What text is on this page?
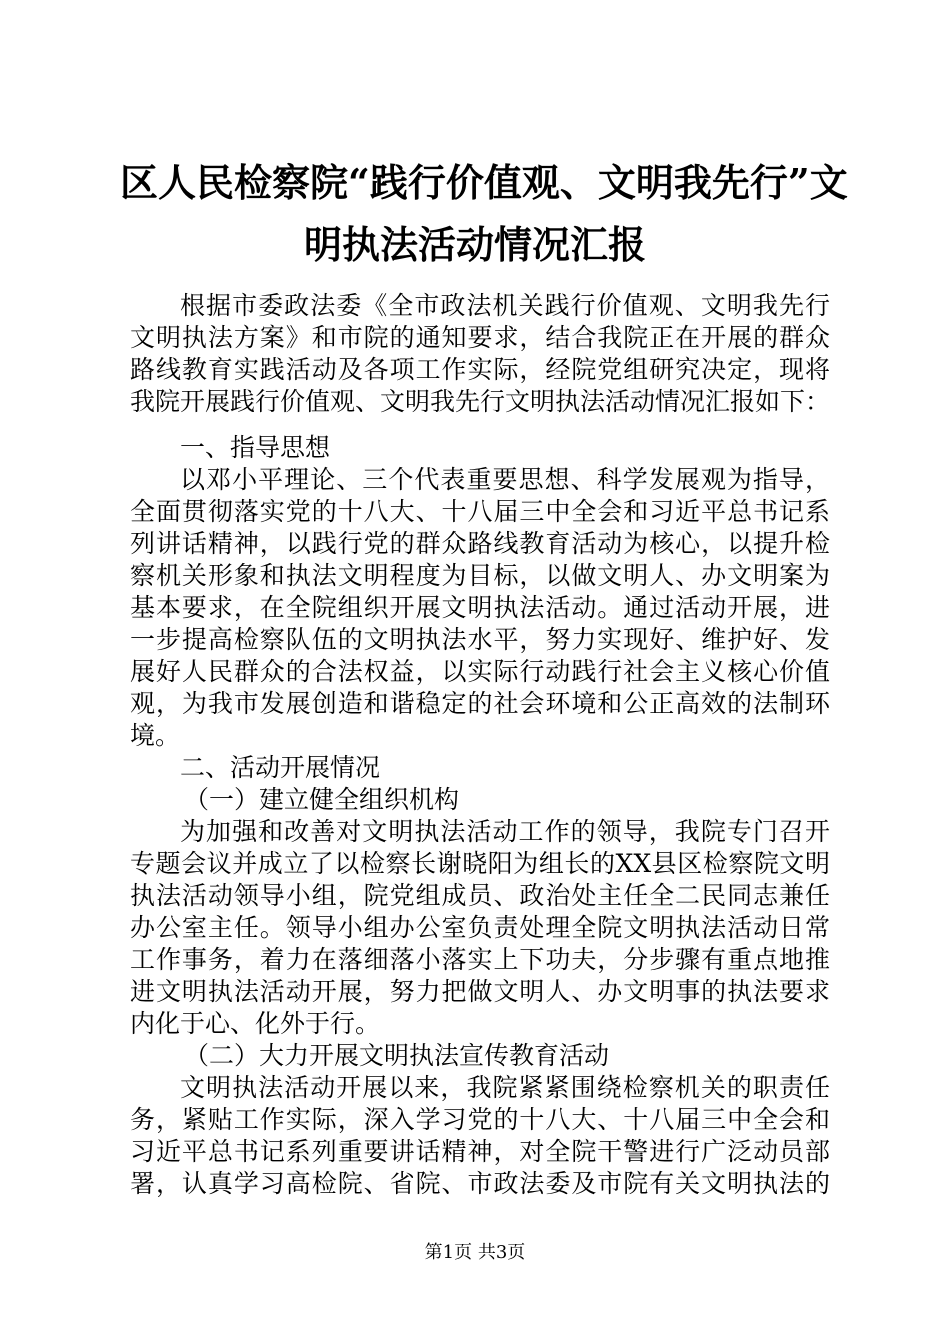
区人民检察院“践行价值观、文明我先行”文
明执法活动情况汇报
根据市委政法委《全市政法机关践行价值观、文明我先行
文明执法方案》和市院的通知要求，结合我院正在开展的群众
路线教育实践活动及各项工作实际，经院党组研究决定，现将
我院开展践行价值观、文明我先行文明执法活动情况汇报如下：
一、指导思想
以邓小平理论、三个代表重要思想、科学发展观为指导，
全面贯彻落实党的十八大、十八届三中全会和习近平总书记系
列讲话精神，以践行党的群众路线教育活动为核心，以提升检
察机关形象和执法文明程度为目标，以做文明人、办文明案为
基本要求，在全院组织开展文明执法活动。通过活动开展，进
一步提高检察队伍的文明执法水平，努力实现好、维护好、发
展好人民群众的合法权益，以实际行动践行社会主义核心价值
观，为我市发展创造和谐稳定的社会环境和公正高效的法制环
境。
二、活动开展情况
（一）建立健全组织机构
为加强和改善对文明执法活动工作的领导，我院专门召开
专题会议并成立了以检察长谢晓阳为组长的XX县区检察院文明
执法活动领导小组，院党组成员、政治处主任全二民同志兼任
办公室主任。领导小组办公室负责处理全院文明执法活动日常
工作事务，着力在落细落小落实上下功夫，分步骤有重点地推
进文明执法活动开展，努力把做文明人、办文明事的执法要求
内化于心、化外于行。
（二）大力开展文明执法宣传教育活动
文明执法活动开展以来，我院紧紧围绕检察机关的职责任
务，紧贴工作实际，深入学习党的十八大、十八届三中全会和
习近平总书记系列重要讲话精神，对全院干警进行广泛动员部
署，认真学习高检院、省院、市政法委及市院有关文明执法的
第1页 共3页
